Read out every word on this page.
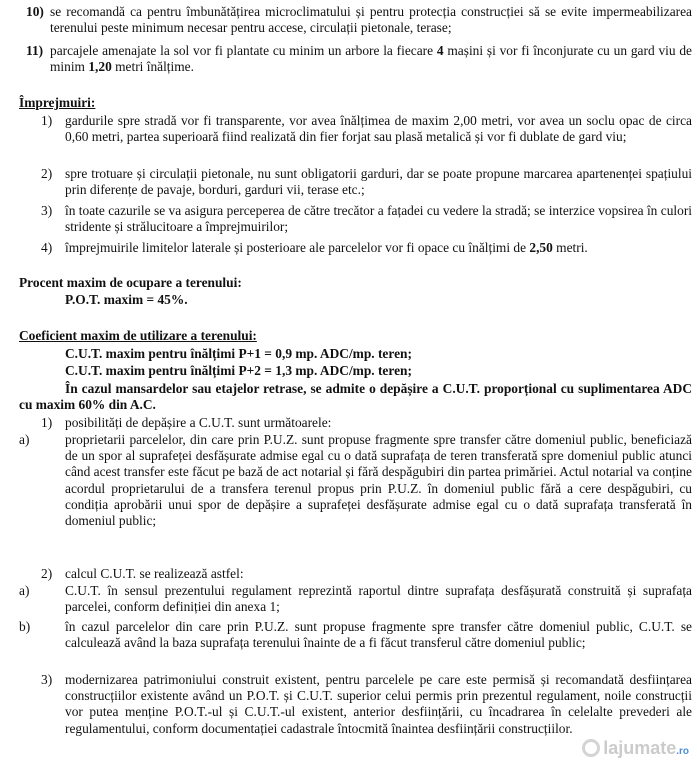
10) se recomandă ca pentru îmbunătățirea microclimatului și pentru protecția construcției să se evite impermeabilizarea terenului peste minimum necesar pentru accese, circulații pietonale, terase;
11) parcajele amenajate la sol vor fi plantate cu minim un arbore la fiecare 4 mașini și vor fi înconjurate cu un gard viu de minim 1,20 metri înălțime.
Împrejmuiri:
1) gardurile spre stradă vor fi transparente, vor avea înălțimea de maxim 2,00 metri, vor avea un soclu opac de circa 0,60 metri, partea superioară fiind realizată din fier forjat sau plasă metalică și vor fi dublate de gard viu;
2) spre trotuare și circulații pietonale, nu sunt obligatorii garduri, dar se poate propune marcarea apartenenței spațiului prin diferențe de pavaje, borduri, garduri vii, terase etc.;
3) în toate cazurile se va asigura perceperea de către trecător a fațadei cu vedere la stradă; se interzice vopsirea în culori stridente și strălucitoare a împrejmuirilor;
4) împrejmuirile limitelor laterale și posterioare ale parcelelor vor fi opace cu înălțimi de 2,50 metri.
Procent maxim de ocupare a terenului:
P.O.T. maxim = 45%.
Coeficient maxim de utilizare a terenului:
C.U.T. maxim pentru înălțimi P+1 = 0,9 mp. ADC/mp. teren;
C.U.T. maxim pentru înălțimi P+2 = 1,3 mp. ADC/mp. teren;
În cazul mansardelor sau etajelor retrase, se admite o depășire a C.U.T. proporțional cu suplimentarea ADC cu maxim 60% din A.C.
1) posibilități de depășire a C.U.T. sunt următoarele:
a)	proprietarii parcelelor, din care prin P.U.Z. sunt propuse fragmente spre transfer către domeniul public, beneficiază de un spor al suprafeței desfășurate admise egal cu o dată suprafața de teren transferată spre domeniul public atunci când acest transfer este făcut pe bază de act notarial și fără despăgubiri din partea primăriei. Actul notarial va conține acordul proprietarului de a transfera terenul propus prin P.U.Z. în domeniul public fără a cere despăgubiri, cu condiția aprobării unui spor de depășire a suprafeței desfășurate admise egal cu o dată suprafața transferată în domeniul public;
2) calcul C.U.T. se realizează astfel:
a)	C.U.T. în sensul prezentului regulament reprezintă raportul dintre suprafața desfășurată construită și suprafața parcelei, conform definiției din anexa 1;
b)	în cazul parcelelor din care prin P.U.Z. sunt propuse fragmente spre transfer către domeniul public, C.U.T. se calculează având la baza suprafața terenului înainte de a fi făcut transferul către domeniul public;
3) modernizarea patrimoniului construit existent, pentru parcelele pe care este permisă și recomandată desființarea construcțiilor existente având un P.O.T. și C.U.T. superior celui permis prin prezentul regulament, noile construcții vor putea menține P.O.T.-ul și C.U.T.-ul existent, anterior desființării, cu încadrarea în celelalte prevederi ale regulamentului, conform documentației cadastrale întocmită înaintea desființării construcțiilor.
lajumate.ro
